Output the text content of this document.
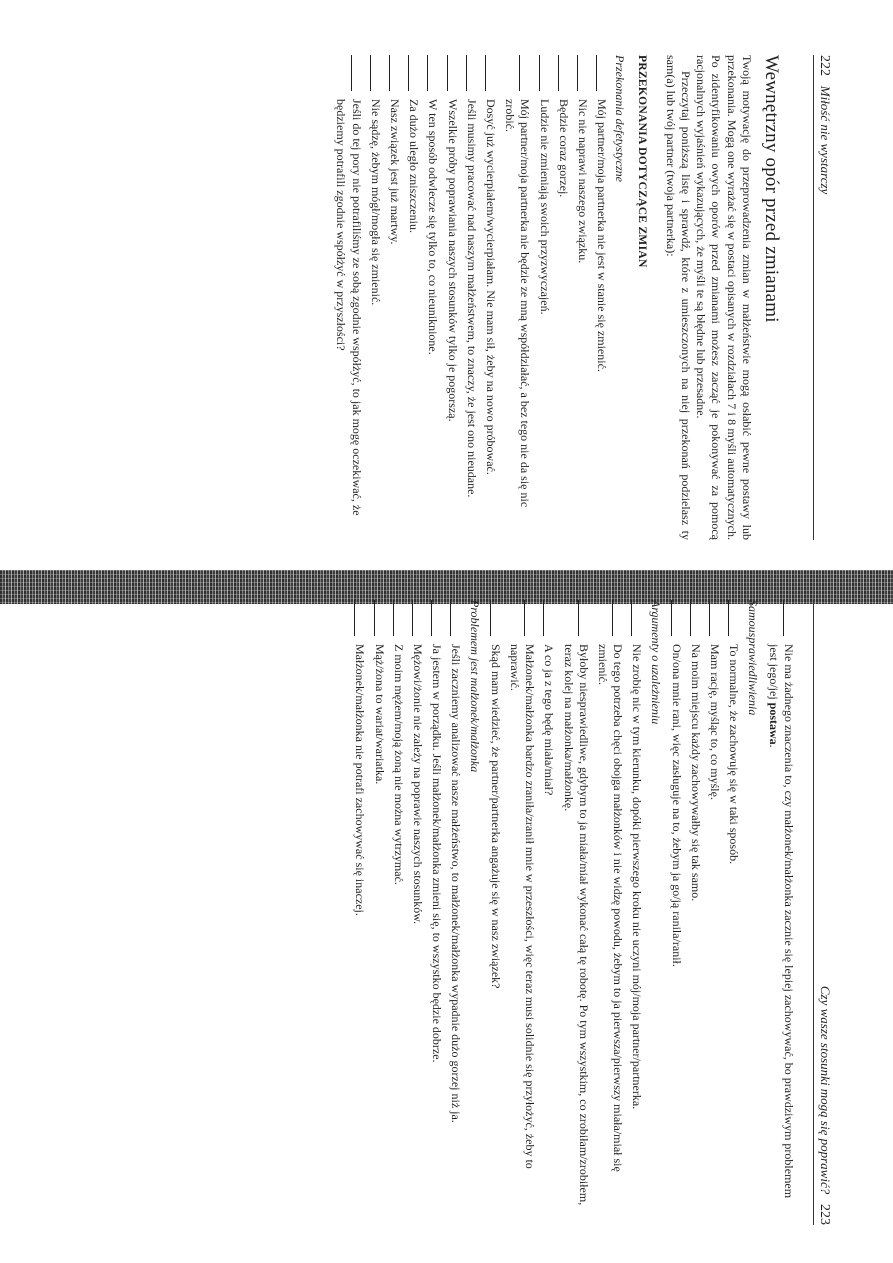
222   Miłość nie wystarczy
Wewnętrzny opór przed zmianami

Twoją motywację do przeprowadzenia zmian w małżeństwie mogą osłabić pewne postawy lub przekonania. Mogą one wyrażać się w postaci opisanych w rozdziałach 7 i 8 myśli automatycznych. Po zidentyfikowaniu owych oporów przed zmianami możesz zacząć je pokonywać za pomocą racjonalnych wyjaśnień wykazujących, że myśli te są błędne lub przesadne.

Przeczytaj poniższą listę i sprawdź, które z umieszczonych na niej przekonań podzielasz ty sam(a) lub twój partner (twoja partnerka):

PRZEKONANIA DOTYCZĄCE ZMIAN
Przekonania defetystyczne
Mój partner/moja partnerka nie jest w stanie się zmienić.
Nic nie naprawi naszego związku.
Będzie coraz gorzej.
Ludzie nie zmieniają swoich przyzwyczajeń.
Mój partner/moja partnerka nie będzie ze mną współdziałać, a bez tego nie da się nic zrobić.
Dosyć już wycierpiałem/wycierpiałam. Nie mam sił, żeby na nowo próbować.
Jeśli musimy pracować nad naszym małżeństwem, to znaczy, że jest ono nieudane.
Wszelkie próby poprawiania naszych stosunków tylko je pogorszą.
W ten sposób odwlecze się tylko to, co nieuniknione.
Za dużo uległo zniszczeniu.
Nasz związek jest już martwy.
Nie sądzę, żebym mógł/mogła się zmienić.
Jeśli do tej pory nie potrafiliśmy ze sobą zgodnie współżyć, to jak mogę oczekiwać, że będziemy potrafili zgodnie współżyć w przyszłości?
Czy wasze stosunki mogą się poprawić?   223
Nie ma żadnego znaczenia to, czy małżonek/małżonka zacznie się lepiej zachowywać, bo prawdziwym problemem jest jego/jej postawa.
Samousprawiedliwienia
To normalne, że zachowuję się w taki sposób.
Mam rację, myśląc to, co myślę.
Na moim miejscu każdy zachowywałby się tak samo.
On/ona mnie rani, więc zasługuje na to, żebym ja go/ją ranila/ranił.
Argumenty o uzależnieniu
Nie zrobię nic w tym kierunku, dopóki pierwszego kroku nie uczyni mój/moja partner/partnerka.
Do tego potrzeba chęci obojga małżonków i nie widzę powodu, żebym to ja pierwsza/pierwszy miała/miał się zmienić.
Byłoby niesprawiedliwe, gdybym to ja miała/miał wykonać całą tę robotę. Po tym wszystkim, co zrobiłam/zrobiłem, teraz kolej na małżonka/małżonkę.
A co ja z tego będę miała/miał?
Małżonek/małżonka bardzo zraniła/zranił mnie w przeszłości, więc teraz musi solidnie się przyłożyć, żeby to naprawić.
Skąd mam wiedzieć, że partner/partnerka angażuje się w nasz związek?
Problemem jest małżonek/małżonka
Jeśli zaczniemy analizować nasze małżeństwo, to małżonek/małżonka wypadnie dużo gorzej niż ja.
Ja jestem w porządku. Jeśli małżonek/małżonka zmieni się, to wszystko będzie dobrze.
Mężowi/żonie nie zależy na poprawie naszych stosunków.
Z moim mężem/moją żoną nie można wytrzymać.
Mąż/żona to wariat/wariatka.
Małżonek/małżonka nie potrafi zachowywać się inaczej.
